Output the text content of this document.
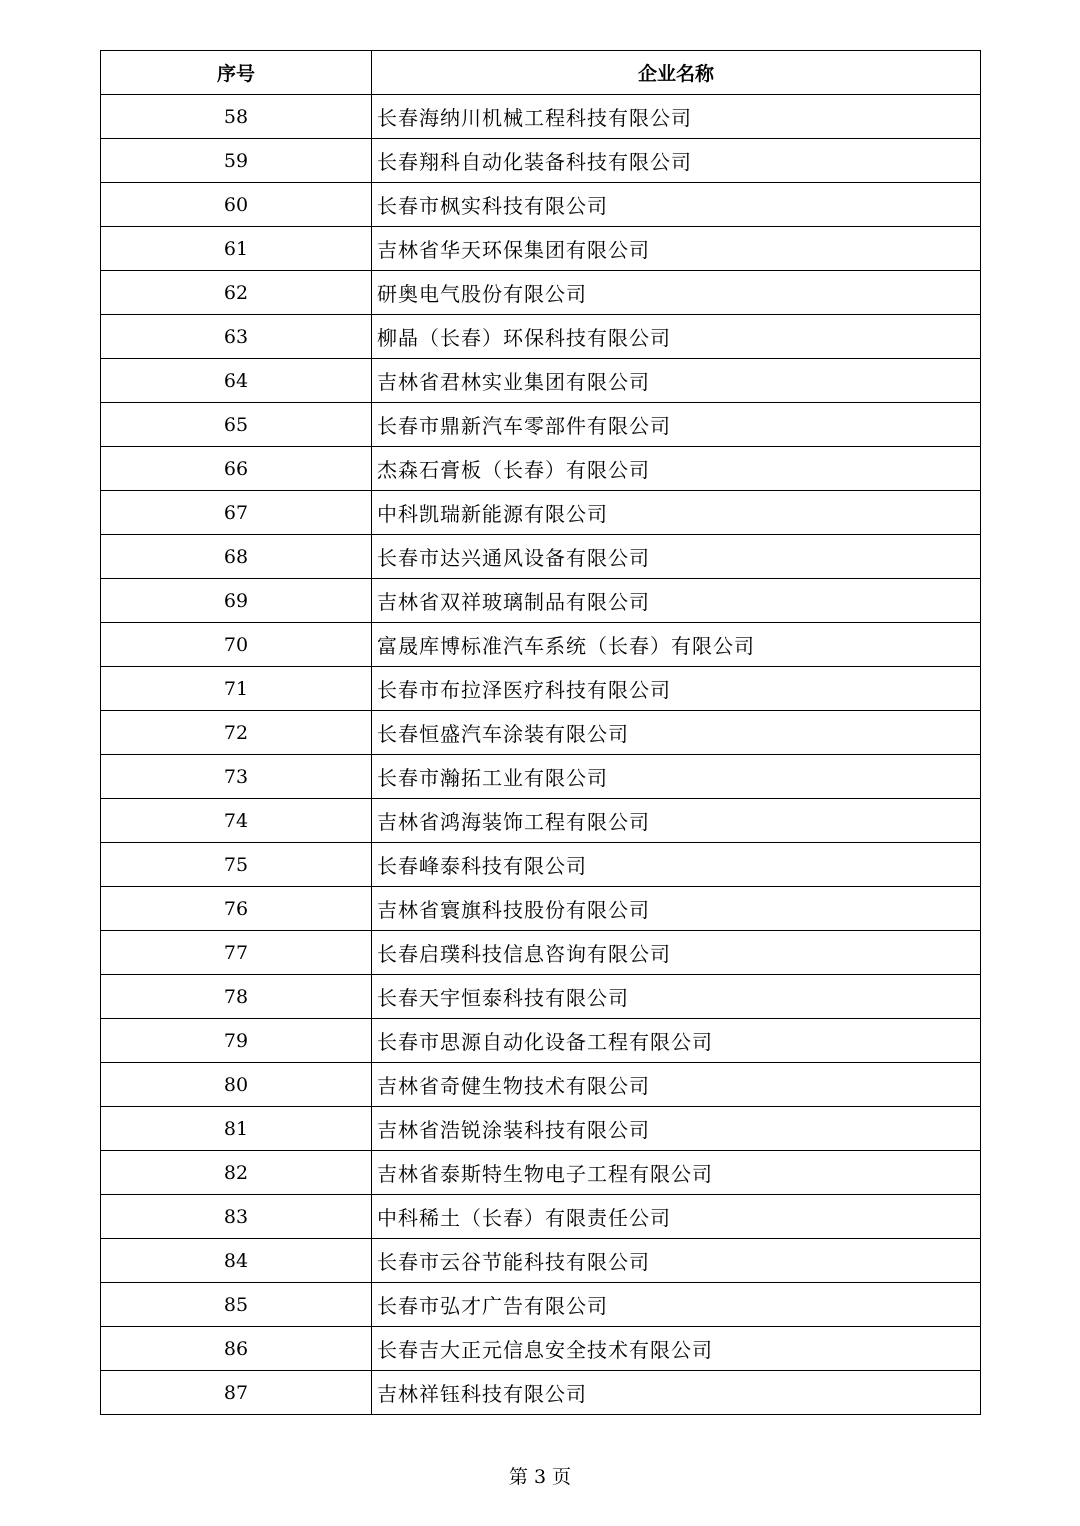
序号	企业名称
58	长春海纳川机械工程科技有限公司
59	长春翔科自动化装备科技有限公司
60	长春市枫实科技有限公司
61	吉林省华天环保集团有限公司
62	研奥电气股份有限公司
63	柳晶（长春）环保科技有限公司
64	吉林省君林实业集团有限公司
65	长春市鼎新汽车零部件有限公司
66	杰森石膏板（长春）有限公司
67	中科凯瑞新能源有限公司
68	长春市达兴通风设备有限公司
69	吉林省双祥玻璃制品有限公司
70	富晟库博标准汽车系统（长春）有限公司
71	长春市布拉泽医疗科技有限公司
72	长春恒盛汽车涂装有限公司
73	长春市瀚拓工业有限公司
74	吉林省鸿海装饰工程有限公司
75	长春峰泰科技有限公司
76	吉林省寰旗科技股份有限公司
77	长春启璞科技信息咨询有限公司
78	长春天宇恒泰科技有限公司
79	长春市思源自动化设备工程有限公司
80	吉林省奇健生物技术有限公司
81	吉林省浩锐涂装科技有限公司
82	吉林省泰斯特生物电子工程有限公司
83	中科稀土（长春）有限责任公司
84	长春市云谷节能科技有限公司
85	长春市弘才广告有限公司
86	长春吉大正元信息安全技术有限公司
87	吉林祥钰科技有限公司
第 3 页
